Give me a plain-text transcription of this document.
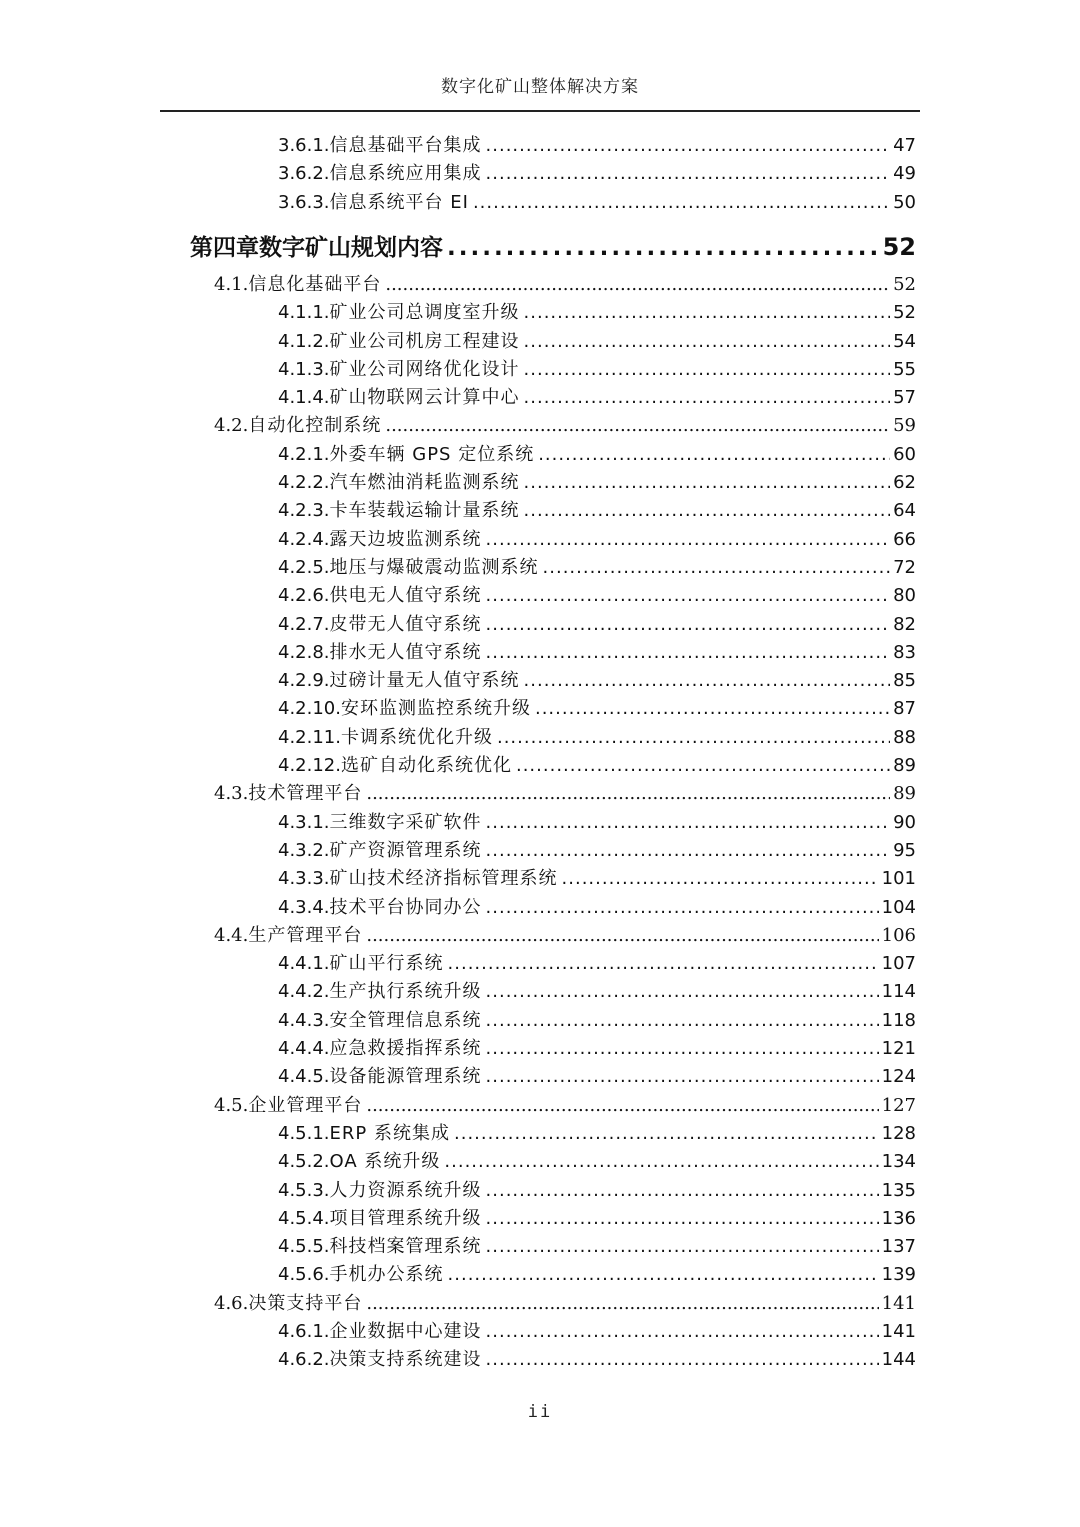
数字化矿山整体解决方案
3.6.1. 信息基础平台集成 .....	47
3.6.2. 信息系统应用集成 .....	49
3.6.3. 信息系统平台 EI .....	50
第四章 数字矿山规划内容 .....	52
4.1. 信息化基础平台 .....	52
4.1.1. 矿业公司总调度室升级 .....	52
4.1.2. 矿业公司机房工程建设 .....	54
4.1.3. 矿业公司网络优化设计 .....	55
4.1.4. 矿山物联网云计算中心 .....	57
4.2. 自动化控制系统 .....	59
4.2.1. 外委车辆 GPS 定位系统 .....	60
4.2.2. 汽车燃油消耗监测系统 .....	62
4.2.3. 卡车装载运输计量系统 .....	64
4.2.4. 露天边坡监测系统 .....	66
4.2.5. 地压与爆破震动监测系统 .....	72
4.2.6. 供电无人值守系统 .....	80
4.2.7. 皮带无人值守系统 .....	82
4.2.8. 排水无人值守系统 .....	83
4.2.9. 过磅计量无人值守系统 .....	85
4.2.10. 安环监测监控系统升级 .....	87
4.2.11. 卡调系统优化升级 .....	88
4.2.12. 选矿自动化系统优化 .....	89
4.3. 技术管理平台 .....	89
4.3.1. 三维数字采矿软件 .....	90
4.3.2. 矿产资源管理系统 .....	95
4.3.3. 矿山技术经济指标管理系统 .....	101
4.3.4. 技术平台协同办公 .....	104
4.4. 生产管理平台 .....	106
4.4.1. 矿山平行系统 .....	107
4.4.2. 生产执行系统升级 .....	114
4.4.3. 安全管理信息系统 .....	118
4.4.4. 应急救援指挥系统 .....	121
4.4.5. 设备能源管理系统 .....	124
4.5. 企业管理平台 .....	127
4.5.1. ERP 系统集成 .....	128
4.5.2. OA 系统升级 .....	134
4.5.3. 人力资源系统升级 .....	135
4.5.4. 项目管理系统升级 .....	136
4.5.5. 科技档案管理系统 .....	137
4.5.6. 手机办公系统 .....	139
4.6. 决策支持平台 .....	141
4.6.1. 企业数据中心建设 .....	141
4.6.2. 决策支持系统建设 .....	144
ii
